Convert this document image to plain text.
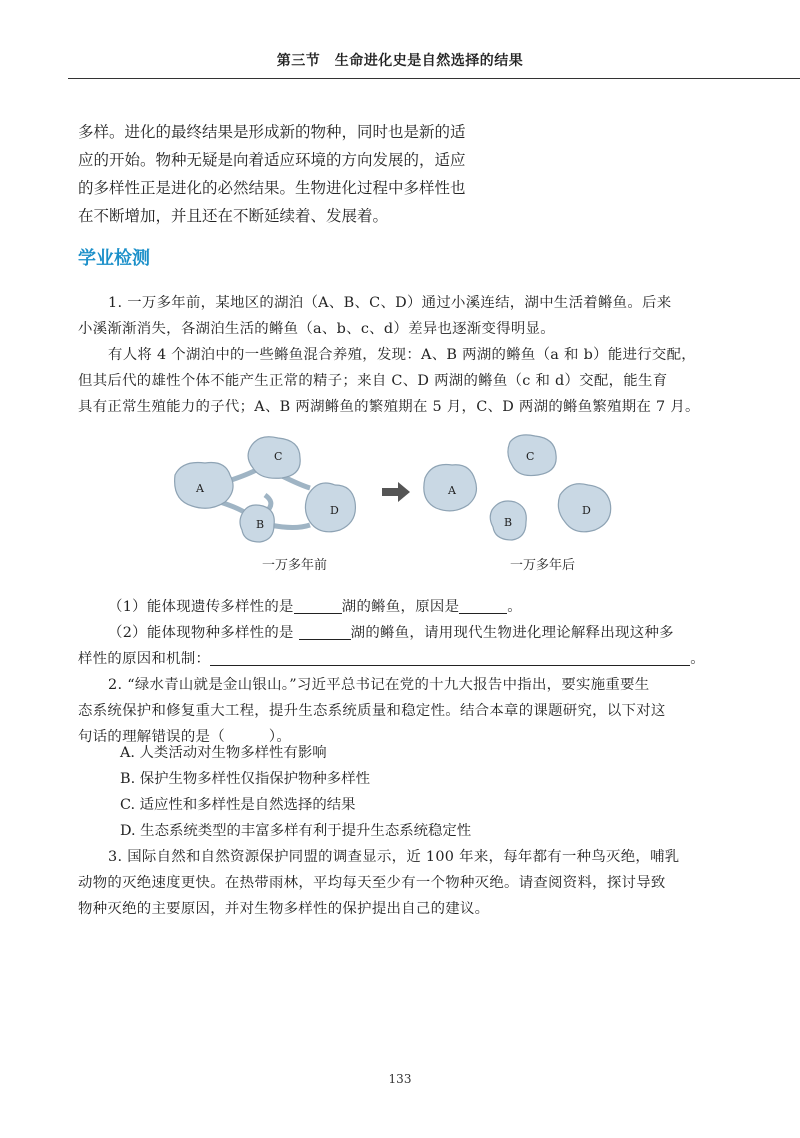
第三节　生命进化史是自然选择的结果
多样。进化的最终结果是形成新的物种，同时也是新的适
应的开始。物种无疑是向着适应环境的方向发展的，适应
的多样性正是进化的必然结果。生物进化过程中多样性也
在不断增加，并且还在不断延续着、发展着。
学业检测
1. 一万多年前，某地区的湖泊（A、B、C、D）通过小溪连结，湖中生活着鳉鱼。后来
小溪渐渐消失，各湖泊生活的鳉鱼（a、b、c、d）差异也逐渐变得明显。
有人将 4 个湖泊中的一些鳉鱼混合养殖，发现：A、B 两湖的鳉鱼（a 和 b）能进行交配，
但其后代的雄性个体不能产生正常的精子；来自 C、D 两湖的鳉鱼（c 和 d）交配，能生育
具有正常生殖能力的子代；A、B 两湖鳉鱼的繁殖期在 5 月，C、D 两湖的鳉鱼繁殖期在 7 月。
A
C
B
D
A
C
B
D
一万多年前	一万多年后
（1）能体现遗传多样性的是	湖的鳉鱼，原因是	。
（2）能体现物种多样性的是	湖的鳉鱼，请用现代生物进化理论解释出现这种多
样性的原因和机制：	。
2. “绿水青山就是金山银山。”习近平总书记在党的十九大报告中指出，要实施重要生
态系统保护和修复重大工程，提升生态系统质量和稳定性。结合本章的课题研究，以下对这
句话的理解错误的是（	）。
A. 人类活动对生物多样性有影响
B. 保护生物多样性仅指保护物种多样性
C. 适应性和多样性是自然选择的结果
D. 生态系统类型的丰富多样有利于提升生态系统稳定性
3. 国际自然和自然资源保护同盟的调查显示，近 100 年来，每年都有一种鸟灭绝，哺乳
动物的灭绝速度更快。在热带雨林，平均每天至少有一个物种灭绝。请查阅资料，探讨导致
物种灭绝的主要原因，并对生物多样性的保护提出自己的建议。
133
